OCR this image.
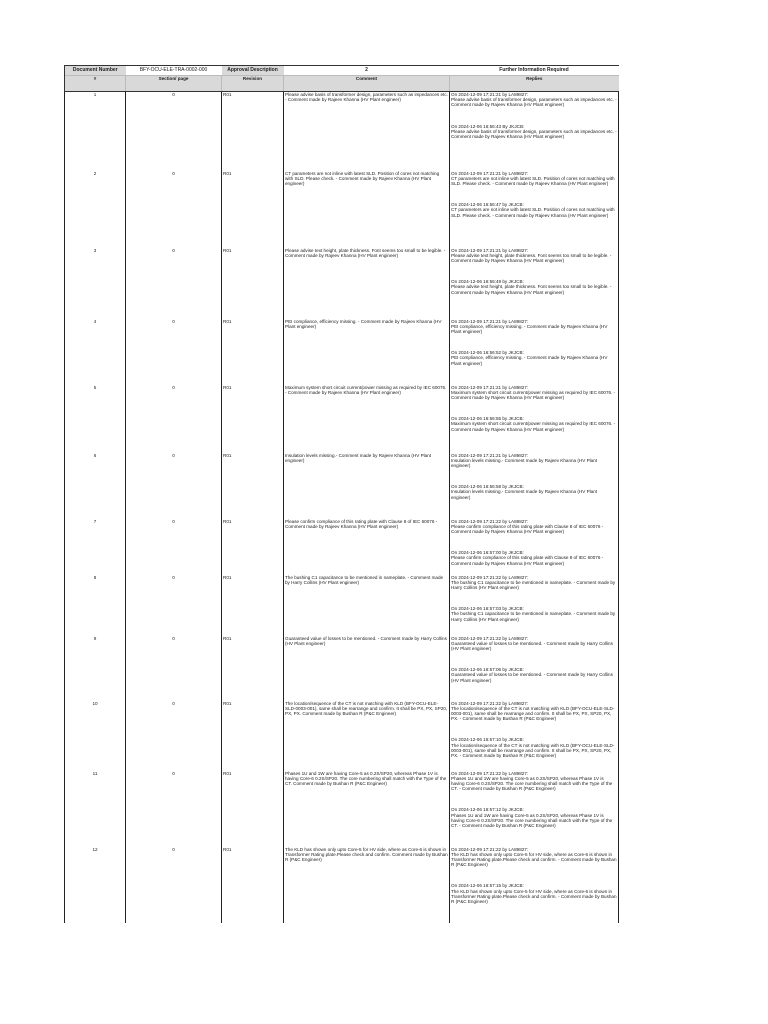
Document Number	BFY-OCU-ELE-TRA-0002-000	Approval Description	2	Further Information Required
#	Section/ page	Revision	Comment	Replies
1	0	R01	Please advise basis of transformer design, parameters such as impedances etc. - Comment made by Rajeev Khanna (HV Plant engineer)	On 2024-12-09 17:21:21 by LA89827:

Please advise basis of transformer design, parameters such as impedances etc. - Comment made by Rajeev Khanna (HV Plant engineer)

On 2024-12-06 16:56:43 By JKJCB:

Please advise basis of transformer design, parameters such as impedances etc. - Comment made by Rajeev Khanna (HV Plant engineer)

2	0	R01	CT parameters are not inline with latest SLD. Position of cores not matching with SLD. Please check. - Comment made by Rajeev Khanna (HV Plant engineer)	On 2024-12-09 17:21:21 by LA89827:

CT parameters are not inline with latest SLD. Position of cores not matching with SLD. Please check. - Comment made by Rajeev Khanna (HV Plant engineer)

On 2024-12-06 16:56:47 by JKJCB:

CT parameters are not inline with latest SLD. Position of cores not matching with SLD. Please check. - Comment made by Rajeev Khanna (HV Plant engineer)

3	0	R01	Please advise text height, plate thickness. Font seems too small to be legible. - Comment made by Rajeev Khanna (HV Plant engineer)	On 2024-12-09 17:21:21 by LA89827:

Please advise text height, plate thickness. Font seems too small to be legible. - Comment made by Rajeev Khanna (HV Plant engineer)

On 2024-12-06 16:56:49 by JKJCB:

Please advise text height, plate thickness. Font seems too small to be legible. - Comment made by Rajeev Khanna (HV Plant engineer)

4	0	R01	PEI compliance, efficiency missing. - Comment made by Rajeev Khanna (HV Plant engineer)	On 2024-12-09 17:21:21 by LA89827:

PEI compliance, efficiency missing. - Comment made by Rajeev Khanna (HV Plant engineer)

On 2024-12-06 16:56:52 by JKJCB:

PEI compliance, efficiency missing. - Comment made by Rajeev Khanna (HV Plant engineer)

5	0	R01	Maximum system short circuit current/power missing as required by IEC 60076. - Comment made by Rajeev Khanna (HV Plant engineer)	On 2024-12-09 17:21:21 by LA89827:

Maximum system short circuit current/power missing as required by IEC 60076. - Comment made by Rajeev Khanna (HV Plant engineer)

On 2024-12-06 16:56:55 by JKJCB:

Maximum system short circuit current/power missing as required by IEC 60076. - Comment made by Rajeev Khanna (HV Plant engineer)

6	0	R01	Insulation levels missing.- Comment made by Rajeev Khanna (HV Plant engineer)	On 2024-12-09 17:21:21 by LA89827:

Insulation levels missing.- Comment made by Rajeev Khanna (HV Plant engineer)

On 2024-12-06 16:56:58 by JKJCB:

Insulation levels missing.- Comment made by Rajeev Khanna (HV Plant engineer)

7	0	R01	Please confirm compliance of this rating plate with Clause 8 of IEC 60076 - Comment made by Rajeev Khanna (HV Plant engineer)	On 2024-12-09 17:21:22 by LA89827:

Please confirm compliance of this rating plate with Clause 8 of IEC 60076 - Comment made by Rajeev Khanna (HV Plant engineer)

On 2024-12-06 16:57:00 by JKJCB:

Please confirm compliance of this rating plate with Clause 8 of IEC 60076 - Comment made by Rajeev Khanna (HV Plant engineer)

8	0	R01	The bushing C1 capacitance to be mentioned in nameplate. - Comment made by Harry Collins (HV Plant engineer)	On 2024-12-09 17:21:22 by LA89827:

The bushing C1 capacitance to be mentioned in nameplate. - Comment made by Harry Collins (HV Plant engineer)

On 2024-12-06 16:57:03 by JKJCB:

The bushing C1 capacitance to be mentioned in nameplate. - Comment made by Harry Collins (HV Plant engineer)

9	0	R01	Guaranteed value of losses to be mentioned. - Comment made by Harry Collins (HV Plant engineer)	On 2024-12-09 17:21:22 by LA89827:

Guaranteed value of losses to be mentioned. - Comment made by Harry Collins (HV Plant engineer)

On 2024-12-06 16:57:06 by JKJCB:

Guaranteed value of losses to be mentioned. - Comment made by Harry Collins (HV Plant engineer)

10	0	R01	The location/sequence of the CT is not matching with KLD (BFY-OCU-ELE-SLD-0003-001), same shall be rearrange and confirm. It shall be PX, PX, SP20, PX, PX. Comment made by Bushan R (P&C Engineer)	On 2024-12-09 17:21:22 by LA89827:

The location/sequence of the CT is not matching with KLD (BFY-OCU-ELE-SLD-0003-001), same shall be rearrange and confirm. It shall be PX, PX, SP20, PX, PX. - Comment made by Bushan R (P&C Engineer)

On 2024-12-06 16:57:10 by JKJCB:

The location/sequence of the CT is not matching with KLD (BFY-OCU-ELE-SLD-0003-001), same shall be rearrange and confirm. It shall be PX, PX, SP20, PX, PX. - Comment made by Bushan R (P&C Engineer)

11	0	R01	Phases 1U and 1W are having Core-5 as 0.2S/SP20, whereas Phase 1V is having Core-6 0.2S/SP20. The core numbering shall match with the Type of the CT. Comment made by Bushan R (P&C Engineer)	On 2024-12-09 17:21:22 by LA89827:

Phases 1U and 1W are having Core-5 as 0.2S/SP20, whereas Phase 1V is having Core-6 0.2S/SP20. The core numbering shall match with the Type of the CT. - Comment made by Bushan R (P&C Engineer)

On 2024-12-06 16:57:12 by JKJCB:

Phases 1U and 1W are having Core-5 as 0.2S/SP20, whereas Phase 1V is having Core-6 0.2S/SP20. The core numbering shall match with the Type of the CT. - Comment made by Bushan R (P&C Engineer)

12	0	R01	The KLD has shown only upto Core-5 for HV side, where as Core-6 is shown in Transformer Rating plate.Please check and confirm. Comment made by Bushan R (P&C Engineer)	On 2024-12-09 17:21:22 by LA89827:

The KLD has shown only upto Core-5 for HV side, where as Core-6 is shown in Transformer Rating plate.Please check and confirm. - Comment made by Bushan R (P&C Engineer)

On 2024-12-06 16:57:15 by JKJCB:

The KLD has shown only upto Core-5 for HV side, where as Core-6 is shown in Transformer Rating plate.Please check and confirm. - Comment made by Bushan R (P&C Engineer)
